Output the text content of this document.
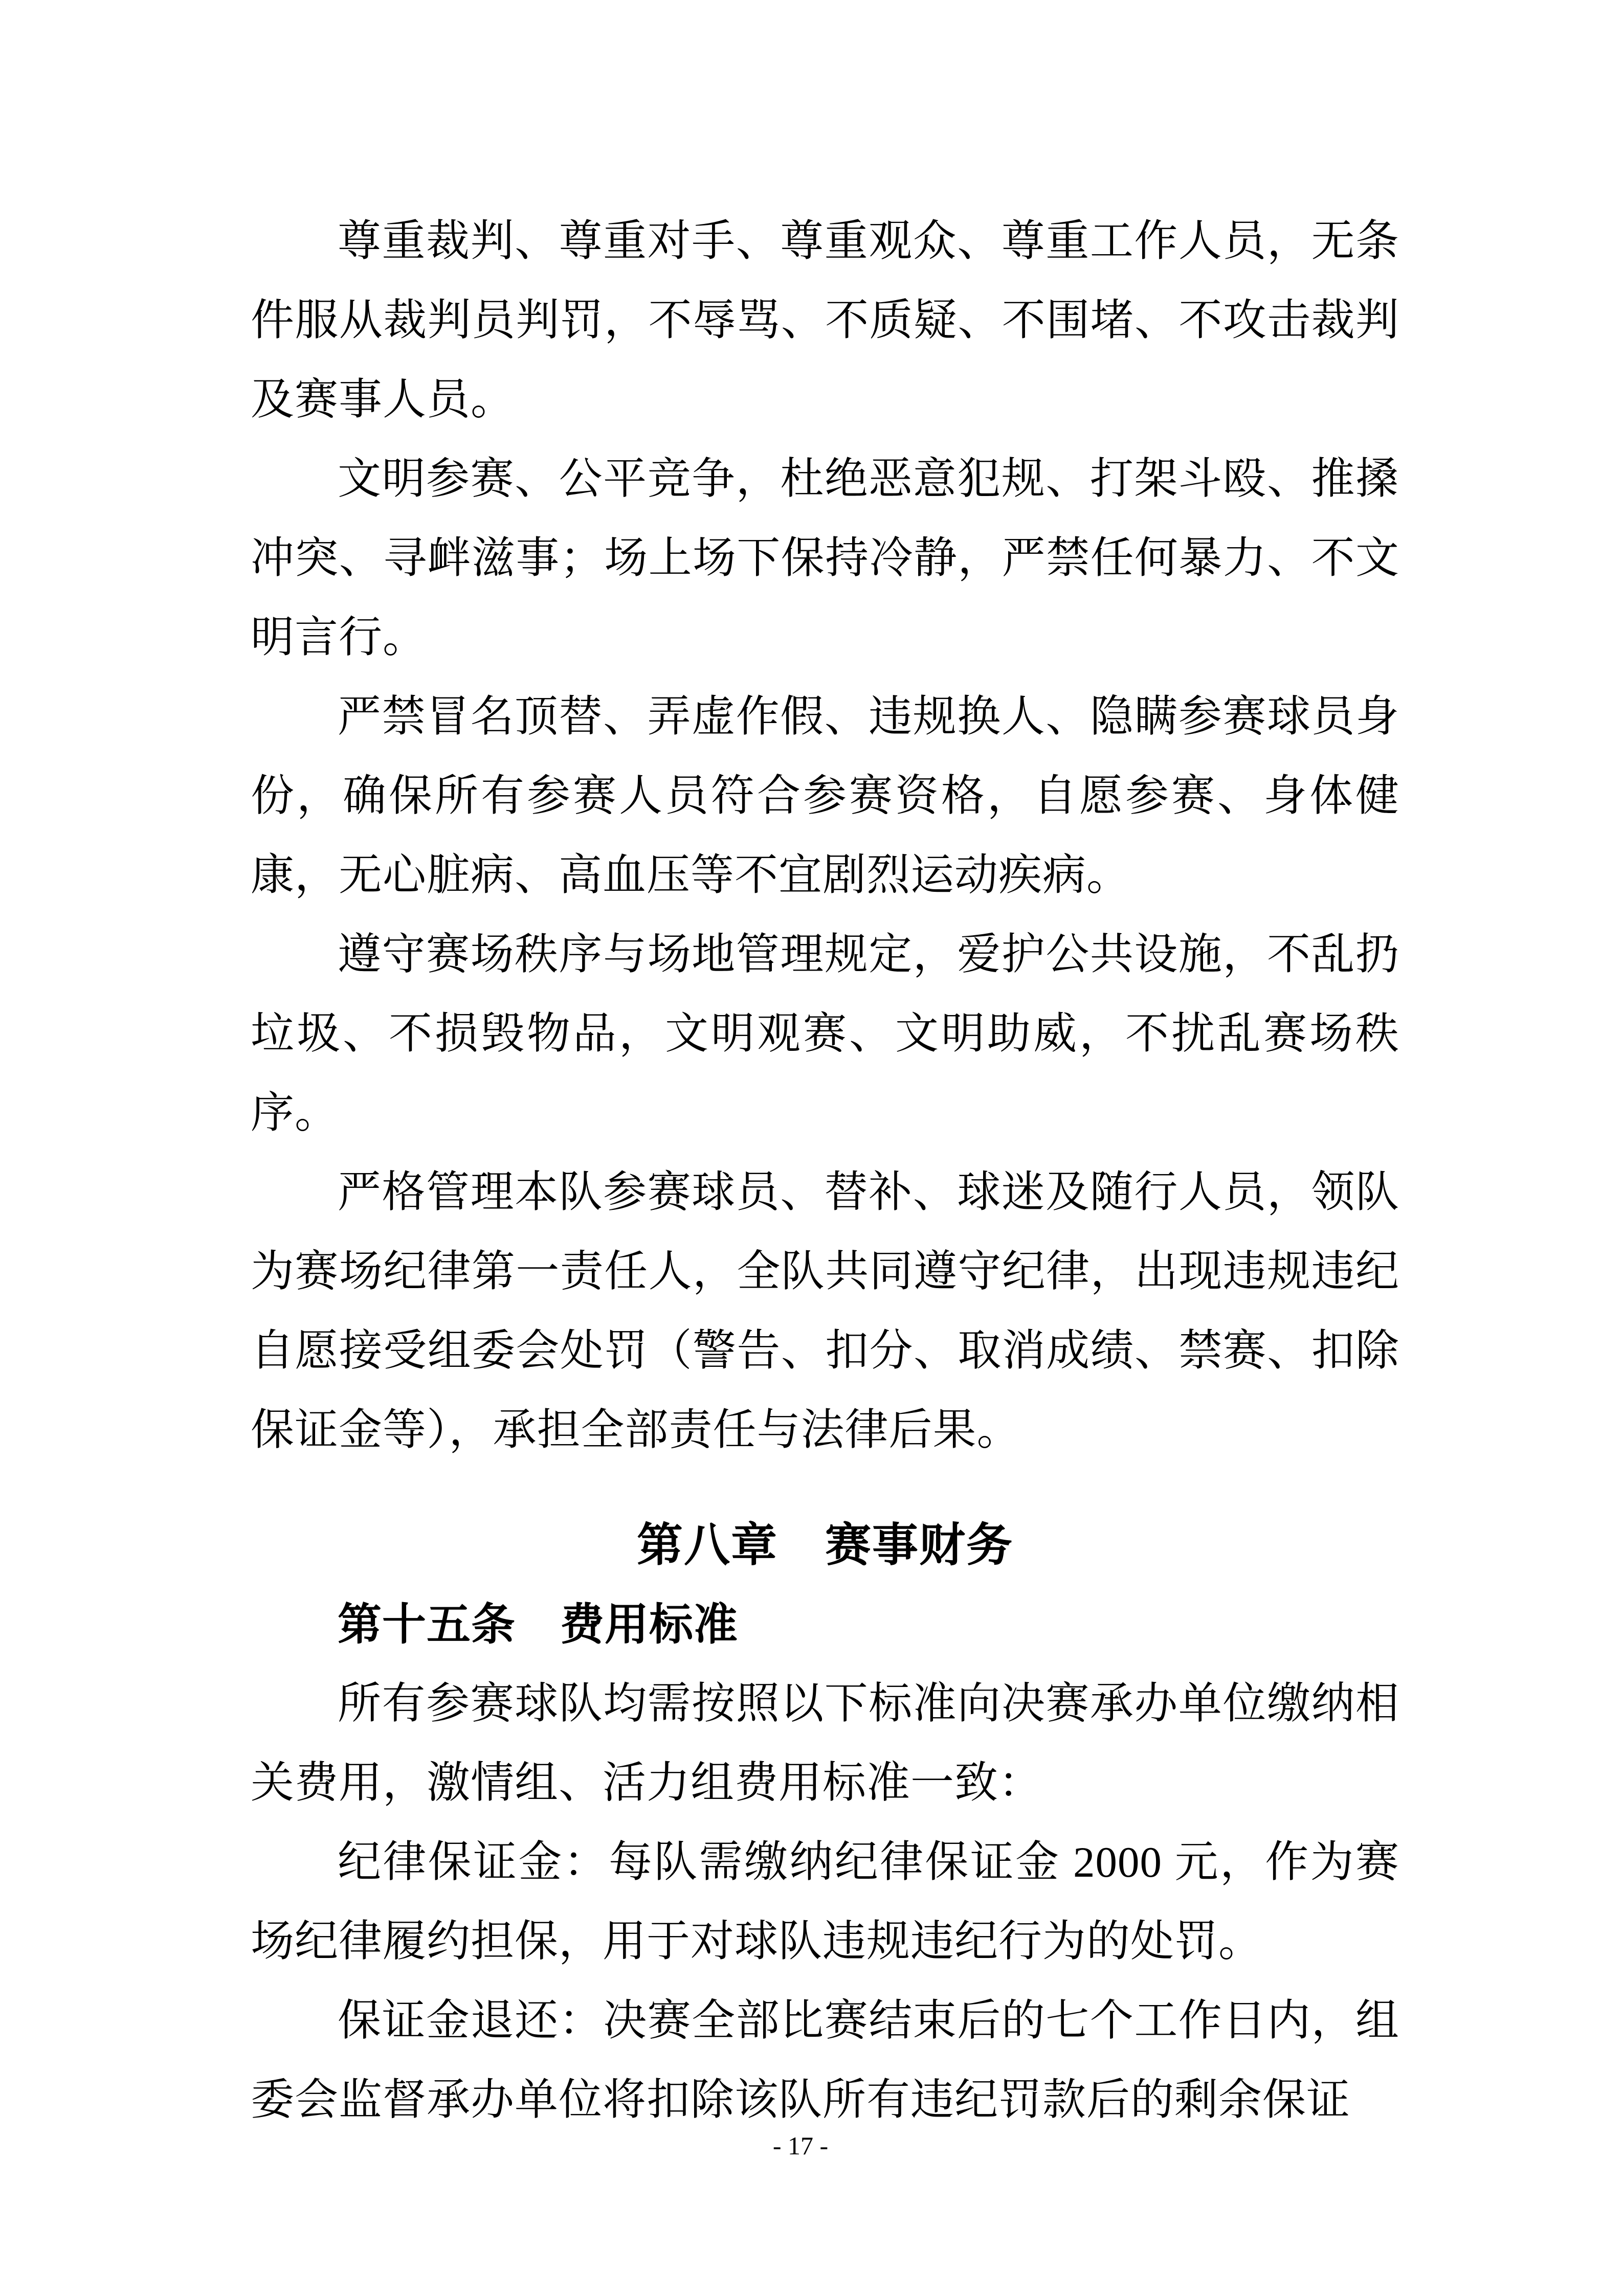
尊重裁判、尊重对手、尊重观众、尊重工作人员，无条件服从裁判员判罚，不辱骂、不质疑、不围堵、不攻击裁判及赛事人员。

文明参赛、公平竞争，杜绝恶意犯规、打架斗殴、推搡冲突、寻衅滋事；场上场下保持冷静，严禁任何暴力、不文明言行。

严禁冒名顶替、弄虚作假、违规换人、隐瞒参赛球员身份，确保所有参赛人员符合参赛资格，自愿参赛、身体健康，无心脏病、高血压等不宜剧烈运动疾病。

遵守赛场秩序与场地管理规定，爱护公共设施，不乱扔垃圾、不损毁物品，文明观赛、文明助威，不扰乱赛场秩序。

严格管理本队参赛球员、替补、球迷及随行人员，领队为赛场纪律第一责任人，全队共同遵守纪律，出现违规违纪自愿接受组委会处罚（警告、扣分、取消成绩、禁赛、扣除保证金等），承担全部责任与法律后果。

第八章　赛事财务
第十五条　费用标准

所有参赛球队均需按照以下标准向决赛承办单位缴纳相关费用，激情组、活力组费用标准一致：

纪律保证金：每队需缴纳纪律保证金 2000 元，作为赛场纪律履约担保，用于对球队违规违纪行为的处罚。

保证金退还：决赛全部比赛结束后的七个工作日内，组委会监督承办单位将扣除该队所有违纪罚款后的剩余保证

- 17 -
